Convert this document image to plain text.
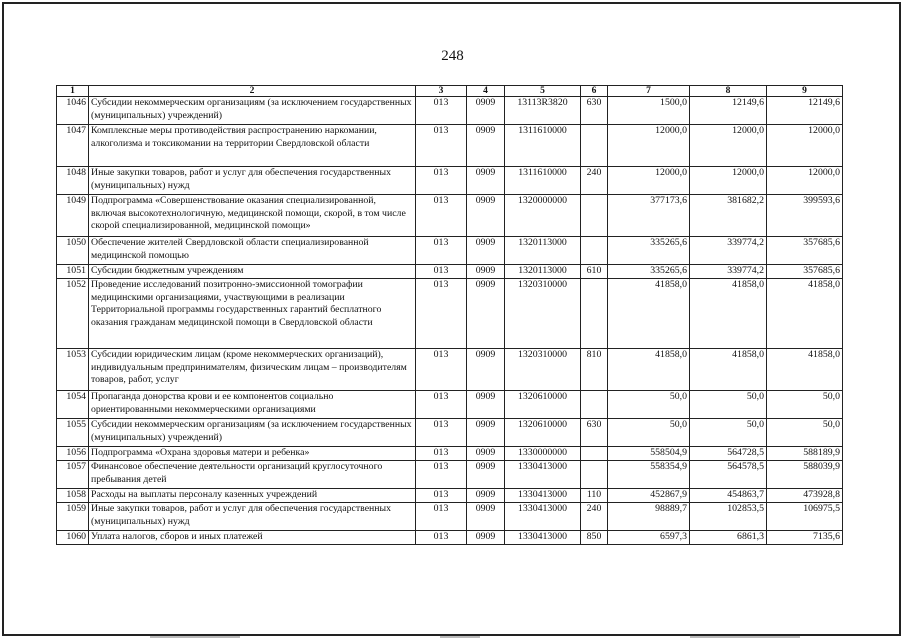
248
1	2	3	4	5	6	7	8	9
1046	Субсидии некоммерческим организациям (за исключением государственных (муниципальных) учреждений)	013	0909	13113R3820	630	1500,0	12149,6	12149,6
1047	Комплексные меры противодействия распространению наркомании, алкоголизма и токсикомании на территории Свердловской области	013	0909	1311610000		12000,0	12000,0	12000,0
1048	Иные закупки товаров, работ и услуг для обеспечения государственных (муниципальных) нужд	013	0909	1311610000	240	12000,0	12000,0	12000,0
1049	Подпрограмма «Совершенствование оказания специализированной, включая высокотехнологичную, медицинской помощи, скорой, в том числе скорой специализированной, медицинской помощи»	013	0909	1320000000		377173,6	381682,2	399593,6
1050	Обеспечение жителей Свердловской области специализированной медицинской помощью	013	0909	1320113000		335265,6	339774,2	357685,6
1051	Субсидии бюджетным учреждениям	013	0909	1320113000	610	335265,6	339774,2	357685,6
1052	Проведение исследований позитронно-эмиссионной томографии медицинскими организациями, участвующими в реализации Территориальной программы государственных гарантий бесплатного оказания гражданам медицинской помощи в Свердловской области	013	0909	1320310000		41858,0	41858,0	41858,0
1053	Субсидии юридическим лицам (кроме некоммерческих организаций), индивидуальным предпринимателям, физическим лицам – производителям товаров, работ, услуг	013	0909	1320310000	810	41858,0	41858,0	41858,0
1054	Пропаганда донорства крови и ее компонентов социально ориентированными некоммерческими организациями	013	0909	1320610000		50,0	50,0	50,0
1055	Субсидии некоммерческим организациям (за исключением государственных (муниципальных) учреждений)	013	0909	1320610000	630	50,0	50,0	50,0
1056	Подпрограмма «Охрана здоровья матери и ребенка»	013	0909	1330000000		558504,9	564728,5	588189,9
1057	Финансовое обеспечение деятельности организаций круглосуточного пребывания детей	013	0909	1330413000		558354,9	564578,5	588039,9
1058	Расходы на выплаты персоналу казенных учреждений	013	0909	1330413000	110	452867,9	454863,7	473928,8
1059	Иные закупки товаров, работ и услуг для обеспечения государственных (муниципальных) нужд	013	0909	1330413000	240	98889,7	102853,5	106975,5
1060	Уплата налогов, сборов и иных платежей	013	0909	1330413000	850	6597,3	6861,3	7135,6
